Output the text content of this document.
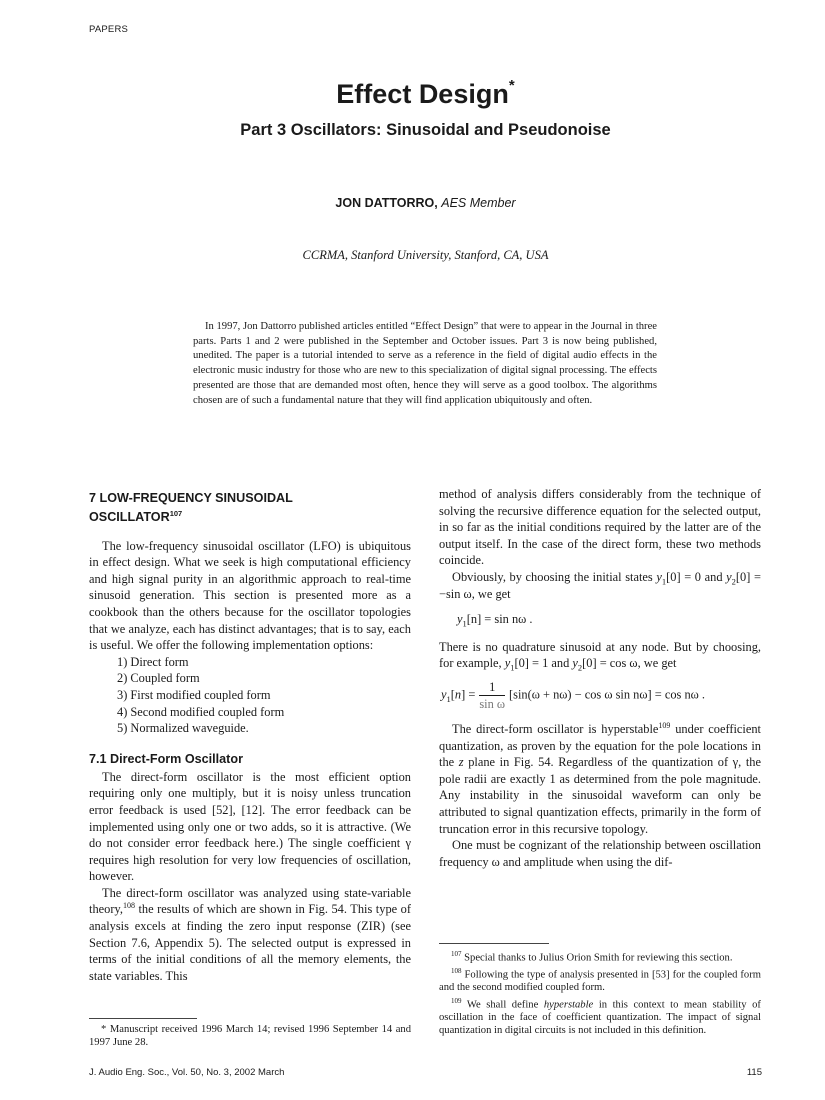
PAPERS
Effect Design*
Part 3 Oscillators: Sinusoidal and Pseudonoise
JON DATTORRO, AES Member
CCRMA, Stanford University, Stanford, CA, USA

In 1997, Jon Dattorro published articles entitled “Effect Design” that were to appear in the Journal in three parts. Parts 1 and 2 were published in the September and October issues. Part 3 is now being published, unedited. The paper is a tutorial intended to serve as a reference in the field of digital audio effects in the electronic music industry for those who are new to this specialization of digital signal processing. The effects presented are those that are demanded most often, hence they will serve as a good toolbox. The algorithms chosen are of such a fundamental nature that they will find application ubiquitously and often.

7 LOW-FREQUENCY SINUSOIDAL
OSCILLATOR$^{107}$

The low-frequency sinusoidal oscillator (LFO) is ubiquitous in effect design. What we seek is high computational efficiency and high signal purity in an algorithmic approach to real-time sinusoid generation. This section is presented more as a cookbook than the others because for the oscillator topologies that we analyze, each has distinct advantages; that is to say, each is useful. We offer the following implementation options:

1) Direct form
2) Coupled form
3) First modified coupled form
4) Second modified coupled form
5) Normalized waveguide.
7.1 Direct-Form Oscillator

The direct-form oscillator is the most efficient option requiring only one multiply, but it is noisy unless truncation error feedback is used [52], [12]. The error feedback can be implemented using only one or two adds, so it is attractive. (We do not consider error feedback here.) The single coefficient γ requires high resolution for very low frequencies of oscillation, however.

The direct-form oscillator was analyzed using state-variable theory,$^{108}$ the results of which are shown in Fig. 54. This type of analysis excels at finding the zero input response (ZIR) (see Section 7.6, Appendix 5). The selected output is expressed in terms of the initial conditions of all the memory elements, the state variables. This

method of analysis differs considerably from the technique of solving the recursive difference equation for the selected output, in so far as the initial conditions required by the latter are of the output itself. In the case of the direct form, these two methods coincide.

Obviously, by choosing the initial states $y_1[0] = 0$ and $y_2[0] = -\sin$ ω, we get

$y_1[n] = \sin n\omega$ .

There is no quadrature sinusoid at any node. But by choosing, for example, $y_1[0] = 1$ and $y_2[0] = \cos \omega$, we get

$y_1[n] = \frac{1}{\text{sin ω}} [\sin(\omega + n\omega) - \cos \omega$ sin nω] = cos nω .

The direct-form oscillator is hyperstable$^{109}$ under coefficient quantization, as proven by the equation for the pole locations in the z plane in Fig. 54. Regardless of the quantization of γ, the pole radii are exactly 1 as determined from the pole magnitude. Any instability in the sinusoidal waveform can only be attributed to signal quantization effects, primarily in the form of truncation error in this recursive topology.

One must be cognizant of the relationship between oscillation frequency ω and amplitude when using the dif-

* Manuscript received 1996 March 14; revised 1996 September 14 and 1997 June 28.

$^{107}$ Special thanks to Julius Orion Smith for reviewing this section.

$^{108}$ Following the type of analysis presented in [53] for the coupled form and the second modified coupled form.

$^{109}$ We shall define hyperstable in this context to mean stability of oscillation in the face of coefficient quantization. The impact of signal quantization in digital circuits is not included in this definition.

J. Audio Eng. Soc., Vol. 50, No. 3, 2002 March	115
